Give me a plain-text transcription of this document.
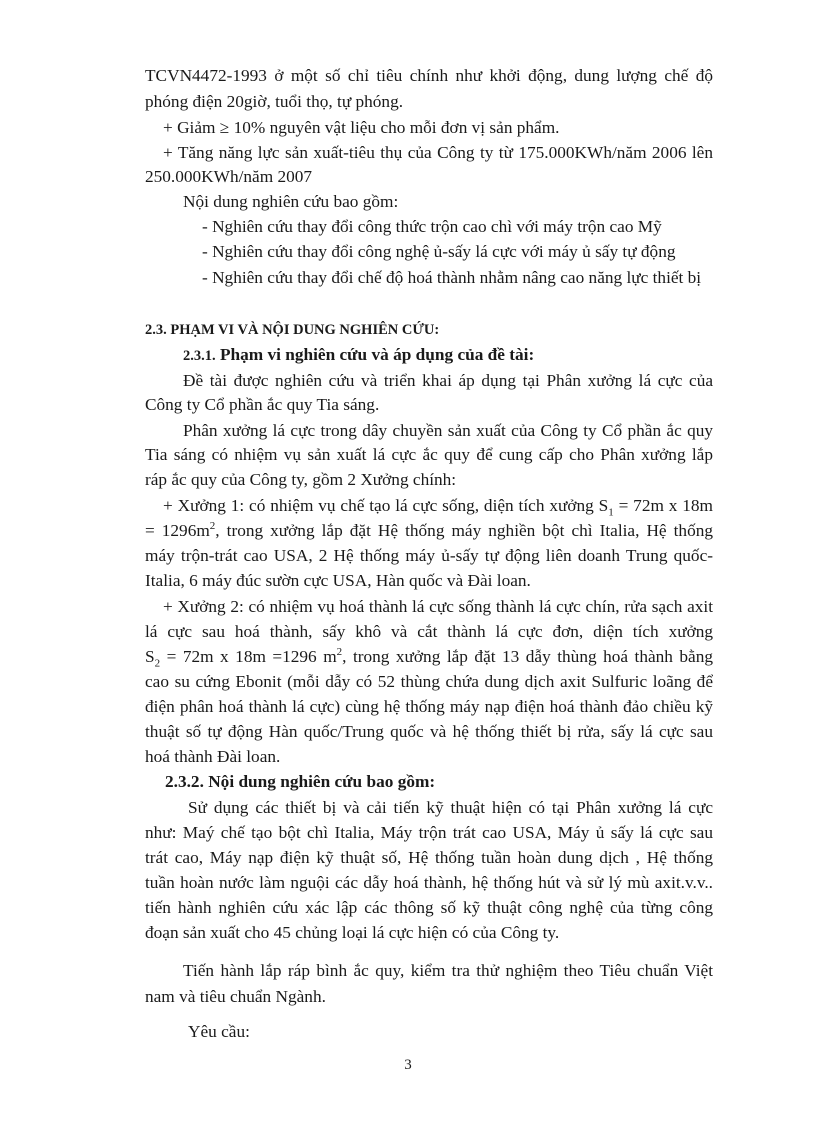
TCVN4472-1993 ở một số chỉ tiêu chính như khởi động, dung lượng chế độ
phóng điện 20giờ, tuổi thọ, tự phóng.
+ Giảm ≥ 10% nguyên vật liệu cho mỗi đơn vị sản phẩm.
+ Tăng năng lực sản xuất-tiêu thụ của Công ty từ 175.000KWh/năm 2006 lên
250.000KWh/năm 2007
Nội dung nghiên cứu bao gồm:
- Nghiên cứu thay đổi công thức trộn cao chì với máy trộn cao Mỹ
- Nghiên cứu thay đổi công nghệ ủ-sấy lá cực với máy ủ sấy tự động
- Nghiên cứu thay đổi chế độ hoá thành nhằm nâng cao năng lực thiết bị
2.3. PHẠM VI VÀ NỘI DUNG NGHIÊN CỨU:
2.3.1. Phạm vi nghiên cứu và áp dụng của đề tài:
Đề tài được nghiên cứu và triển khai áp dụng tại Phân xưởng lá cực của
Công ty Cổ phần ắc quy Tia sáng.
Phân xưởng lá cực trong dây chuyền sản xuất của Công ty Cổ phần ắc quy
Tia sáng có nhiệm vụ sản xuất lá cực ắc quy để cung cấp cho Phân xưởng lắp
ráp ắc quy của Công ty, gồm 2 Xưởng chính:
+ Xưởng 1: có nhiệm vụ chế tạo lá cực sống, diện tích xưởng $S_1 = 72m$ x 18m
= $1296m^2$, trong xưởng lắp đặt Hệ thống máy nghiền bột chì Italia, Hệ thống
máy trộn-trát cao USA, 2 Hệ thống máy ủ-sấy tự động liên doanh Trung quốc-
Italia, 6 máy đúc sườn cực USA, Hàn quốc và Đài loan.
+ Xưởng 2: có nhiệm vụ hoá thành lá cực sống thành lá cực chín, rửa sạch axit
lá cực sau hoá thành, sấy khô và cắt thành lá cực đơn, diện tích xưởng
$S_2 = 72m$ x 18m =1296 $m^2$, trong xưởng lắp đặt 13 dẫy thùng hoá thành bằng
cao su cứng Ebonit (mỗi dẫy có 52 thùng chứa dung dịch axit Sulfuric loãng để
điện phân hoá thành lá cực) cùng hệ thống máy nạp điện hoá thành đảo chiều kỹ
thuật số tự động Hàn quốc/Trung quốc và hệ thống thiết bị rửa, sấy lá cực sau
hoá thành Đài loan.
2.3.2. Nội dung nghiên cứu bao gồm:
Sử dụng các thiết bị và cải tiến kỹ thuật hiện có tại Phân xưởng lá cực
như: Maý chế tạo bột chì Italia, Máy trộn trát cao USA, Máy ủ sấy lá cực sau
trát cao, Máy nạp điện kỹ thuật số, Hệ thống tuần hoàn dung dịch , Hệ thống
tuần hoàn nước làm nguội các dẫy hoá thành, hệ thống hút và sử lý mù axit.v.v..
tiến hành nghiên cứu xác lập các thông số kỹ thuật công nghệ của từng công
đoạn sản xuất cho 45 chủng loại lá cực hiện có của Công ty.
Tiến hành lắp ráp bình ắc quy, kiểm tra thử nghiệm theo Tiêu chuẩn Việt
nam và tiêu chuẩn Ngành.
Yêu cầu:
3
